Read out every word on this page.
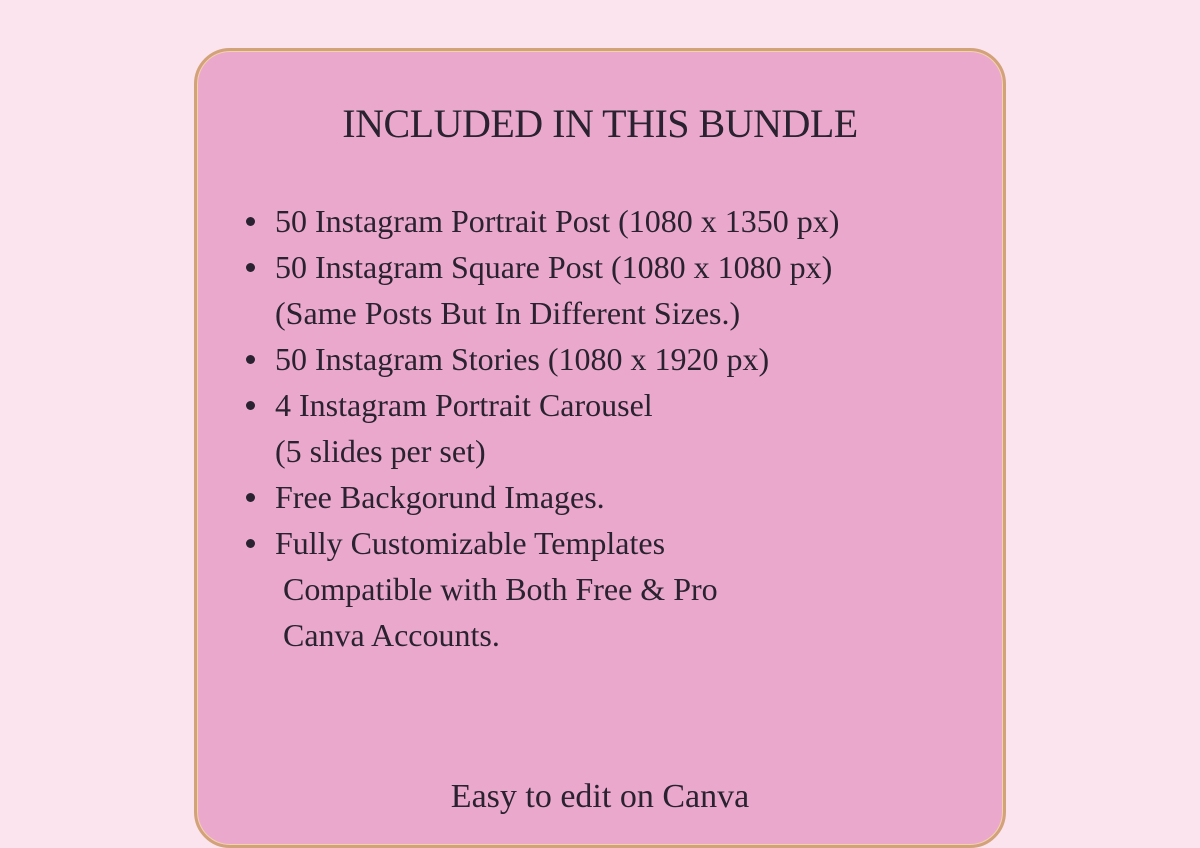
INCLUDED IN THIS BUNDLE
50 Instagram Portrait Post (1080 x 1350 px)
50 Instagram Square Post (1080 x 1080 px)
(Same Posts But In Different Sizes.)
50 Instagram Stories (1080 x 1920 px)
4 Instagram Portrait Carousel
(5 slides per set)
Free Backgorund Images.
Fully Customizable Templates
Compatible with Both Free & Pro
Canva Accounts.
Easy to edit on Canva
